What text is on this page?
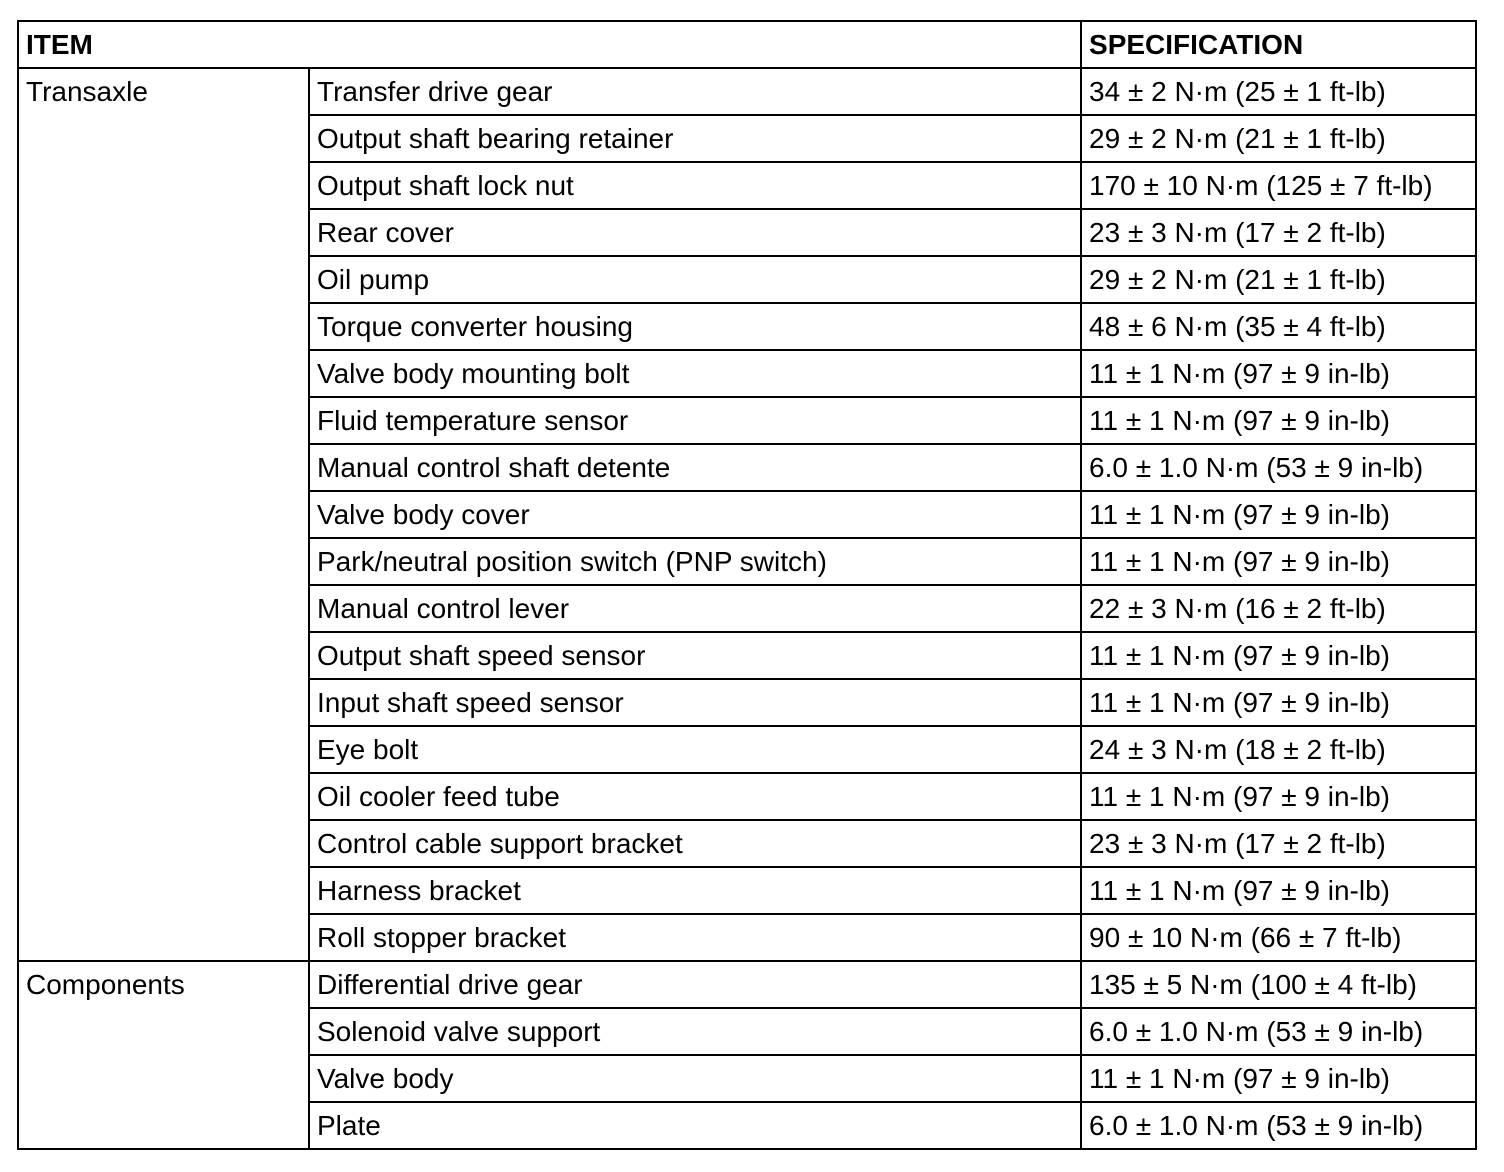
ITEM		SPECIFICATION
Transaxle	Transfer drive gear	34 ± 2 N·m (25 ± 1 ft-lb)
	Output shaft bearing retainer	29 ± 2 N·m (21 ± 1 ft-lb)
	Output shaft lock nut	170 ± 10 N·m (125 ± 7 ft-lb)
	Rear cover	23 ± 3 N·m (17 ± 2 ft-lb)
	Oil pump	29 ± 2 N·m (21 ± 1 ft-lb)
	Torque converter housing	48 ± 6 N·m (35 ± 4 ft-lb)
	Valve body mounting bolt	11 ± 1 N·m (97 ± 9 in-lb)
	Fluid temperature sensor	11 ± 1 N·m (97 ± 9 in-lb)
	Manual control shaft detente	6.0 ± 1.0 N·m (53 ± 9 in-lb)
	Valve body cover	11 ± 1 N·m (97 ± 9 in-lb)
	Park/neutral position switch (PNP switch)	11 ± 1 N·m (97 ± 9 in-lb)
	Manual control lever	22 ± 3 N·m (16 ± 2 ft-lb)
	Output shaft speed sensor	11 ± 1 N·m (97 ± 9 in-lb)
	Input shaft speed sensor	11 ± 1 N·m (97 ± 9 in-lb)
	Eye bolt	24 ± 3 N·m (18 ± 2 ft-lb)
	Oil cooler feed tube	11 ± 1 N·m (97 ± 9 in-lb)
	Control cable support bracket	23 ± 3 N·m (17 ± 2 ft-lb)
	Harness bracket	11 ± 1 N·m (97 ± 9 in-lb)
	Roll stopper bracket	90 ± 10 N·m (66 ± 7 ft-lb)
Components	Differential drive gear	135 ± 5 N·m (100 ± 4 ft-lb)
	Solenoid valve support	6.0 ± 1.0 N·m (53 ± 9 in-lb)
	Valve body	11 ± 1 N·m (97 ± 9 in-lb)
	Plate	6.0 ± 1.0 N·m (53 ± 9 in-lb)
